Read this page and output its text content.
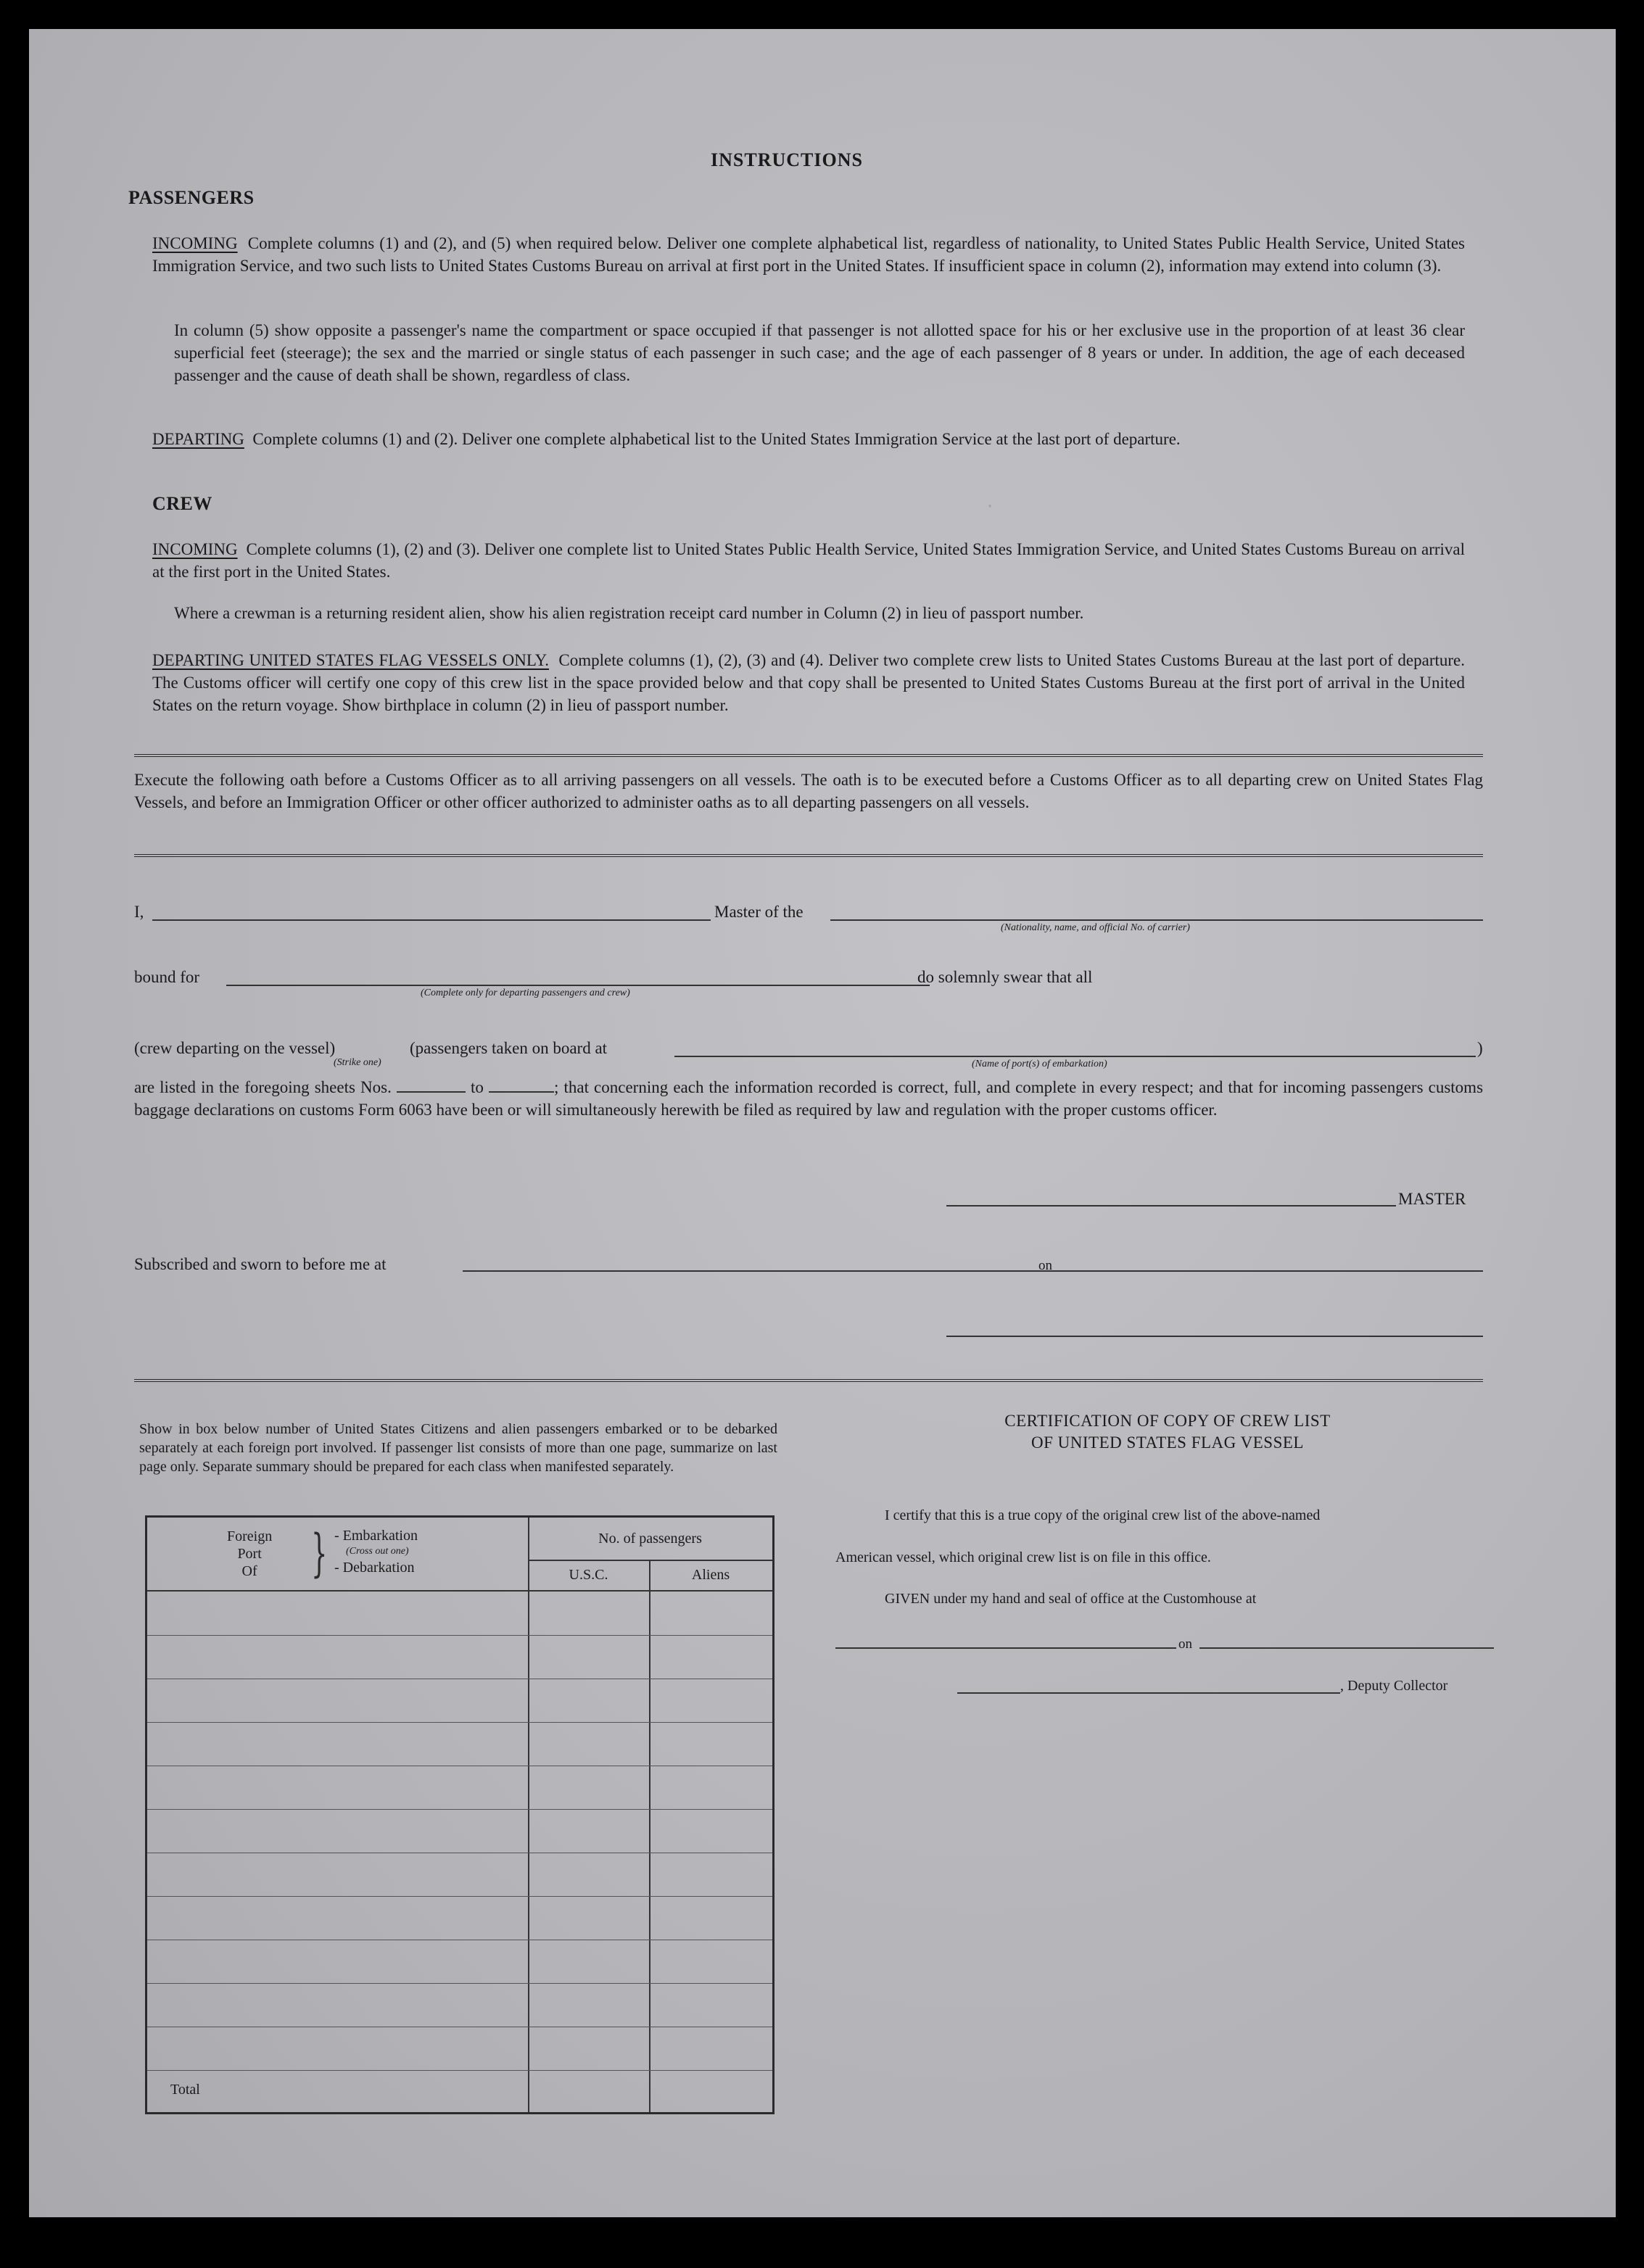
·
INSTRUCTIONS
PASSENGERS
INCOMING Complete columns (1) and (2), and (5) when required below. Deliver one complete alphabetical list, regardless of nationality, to United States Public Health Service, United States Immigration Service, and two such lists to United States Customs Bureau on arrival at first port in the United States. If insufficient space in column (2), information may extend into column (3).
In column (5) show opposite a passenger's name the compartment or space occupied if that passenger is not allotted space for his or her exclusive use in the proportion of at least 36 clear superficial feet (steerage); the sex and the married or single status of each passenger in such case; and the age of each passenger of 8 years or under. In addition, the age of each deceased passenger and the cause of death shall be shown, regardless of class.
DEPARTING Complete columns (1) and (2). Deliver one complete alphabetical list to the United States Immigration Service at the last port of departure.
CREW
INCOMING Complete columns (1), (2) and (3). Deliver one complete list to United States Public Health Service, United States Immigration Service, and United States Customs Bureau on arrival at the first port in the United States.
Where a crewman is a returning resident alien, show his alien registration receipt card number in Column (2) in lieu of passport number.
DEPARTING UNITED STATES FLAG VESSELS ONLY. Complete columns (1), (2), (3) and (4). Deliver two complete crew lists to United States Customs Bureau at the last port of departure. The Customs officer will certify one copy of this crew list in the space provided below and that copy shall be presented to United States Customs Bureau at the first port of arrival in the United States on the return voyage. Show birthplace in column (2) in lieu of passport number.
Execute the following oath before a Customs Officer as to all arriving passengers on all vessels. The oath is to be executed before a Customs Officer as to all departing crew on United States Flag Vessels, and before an Immigration Officer or other officer authorized to administer oaths as to all departing passengers on all vessels.
I,	Master of the
(Nationality, name, and official No. of carrier)
bound for
(Complete only for departing passengers and crew)
do solemnly swear that all
(crew departing on the vessel)
(Strike one)
(passengers taken on board at	)
(Name of port(s) of embarkation)
are listed in the foregoing sheets Nos.	to	; that concerning each the information recorded is correct, full, and complete in every respect; and that for incoming passengers customs baggage declarations on customs Form 6063 have been or will simultaneously herewith be filed as required by law and regulation with the proper customs officer.
MASTER
Subscribed and sworn to before me at	on
Show in box below number of United States Citizens and alien passengers embarked or to be debarked separately at each foreign port involved. If passenger list consists of more than one page, summarize on last page only. Separate summary should be prepared for each class when manifested separately.
Foreign
Port
Of } - Embarkation
(Cross out one)
- Debarkation
No. of passengers
U.S.C.	Aliens
Total
CERTIFICATION OF COPY OF CREW LIST
OF UNITED STATES FLAG VESSEL
I certify that this is a true copy of the original crew list of the above-named
American vessel, which original crew list is on file in this office.
GIVEN under my hand and seal of office at the Customhouse at
on
, Deputy Collector
